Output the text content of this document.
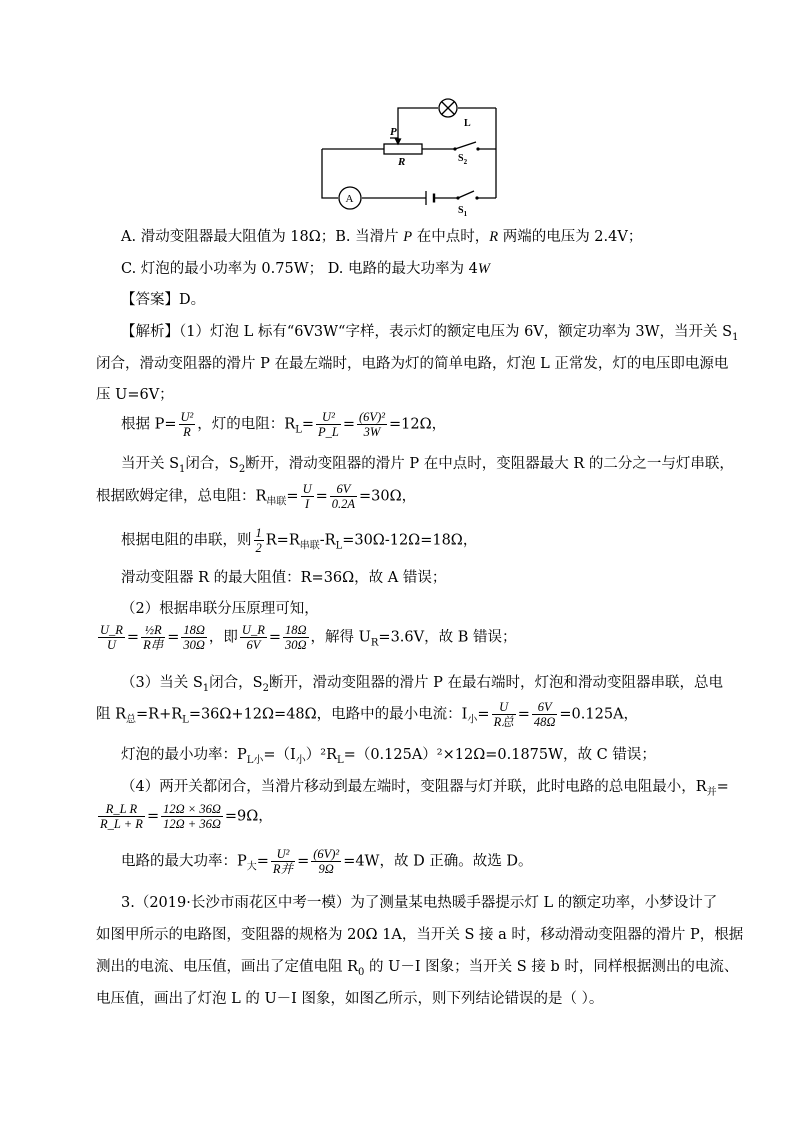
L
P
R	$S_2$
$S_1$
A
A. 滑动变阻器最大阻值为 18Ω；B. 当滑片 P 在中点时，R 两端的电压为 2.4V；
C. 灯泡的最小功率为 0.75W； D. 电路的最大功率为 4W
【答案】D。
【解析】（1）灯泡 L 标有“6V3W“字样，表示灯的额定电压为 6V，额定功率为 3W，当开关 $S_1$
闭合，滑动变阻器的滑片 P 在最左端时，电路为灯的简单电路，灯泡 L 正常发，灯的电压即电源电
压 U=6V；
根据 $P= \frac{\text{U²}}{R}$ ，灯的电阻：$R_L= \frac{\text{U²}}{P\_L} = \frac{\text{(6V)²}}{3W} =12\Omega$，
当开关 $S_1$闭合，$S_2$断开，滑动变阻器的滑片 P 在中点时，变阻器最大 R 的二分之一与灯串联，
根据欧姆定律，总电阻：$R_{串联}= \frac{U}{I} = \frac{6V}{0.2A} =30\Omega$，
根据电阻的串联，则 $\frac{1}{2} R=R_{串联}-R_L=30\Omega-12\Omega=18\Omega$，
滑动变阻器 R 的最大阻值：R=36Ω，故 A 错误；
（2）根据串联分压原理可知，
$\frac{U\_R}{U} = \frac{\text{½R}}{\text{R串}} = \frac{18\Omega}{30\Omega}$ ，即 $\frac{U\_R}{6V} = \frac{18\Omega}{30\Omega}$ ，解得 $U_R=3.6V$，故 B 错误；
（3）当关 $S_1$闭合，$S_2$断开，滑动变阻器的滑片 P 在最右端时，灯泡和滑动变阻器串联，总电
阻 $R_总=R+R_L=36\Omega+12\Omega=48\Omega$，电路中的最小电流：$I_小= \frac{U}{\text{R总}} = \frac{6V}{48\Omega} =0.125A$，
灯泡的最小功率：$P_{L小}=(I_小)^2R_L=(0.125A)^2\times 12\Omega=0.1875W$，故 C 错误；
（4）两开关都闭合，当滑片移动到最左端时，变阻器与灯并联，此时电路的总电阻最小，$R_并=$
$\frac{\text{R\_L R}}{R\_L + R} = \frac{12\Omega \times 36\Omega}{12\Omega + 36\Omega} =9\Omega$，
电路的最大功率：$P_大= \frac{\text{U²}}{\text{R并}} = \frac{\text{(6V)²}}{9\Omega} =4W$，故 D 正确。故选 D。
3.（2019·长沙市雨花区中考一模）为了测量某电热暖手器提示灯 L 的额定功率，小梦设计了
如图甲所示的电路图，变阻器的规格为 20Ω 1A，当开关 S 接 a 时，移动滑动变阻器的滑片 P，根据
测出的电流、电压值，画出了定值电阻 $R_0$ 的 U－I 图象；当开关 S 接 b 时，同样根据测出的电流、
电压值，画出了灯泡 L 的 U－I 图象，如图乙所示，则下列结论错误的是（ ）。
